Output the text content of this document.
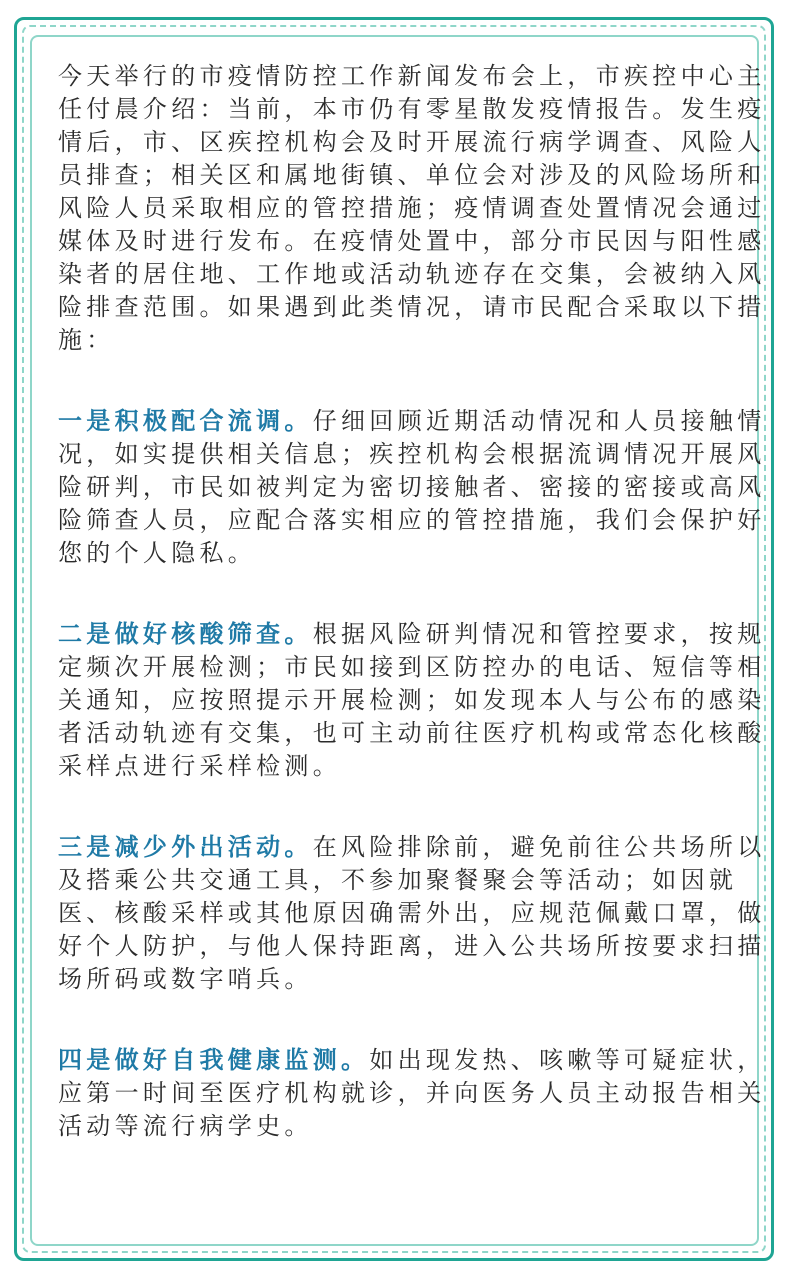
今天举行的市疫情防控工作新闻发布会上，市疾控中心主
任付晨介绍：当前，本市仍有零星散发疫情报告。发生疫
情后，市、区疾控机构会及时开展流行病学调查、风险人
员排查；相关区和属地街镇、单位会对涉及的风险场所和
风险人员采取相应的管控措施；疫情调查处置情况会通过
媒体及时进行发布。在疫情处置中，部分市民因与阳性感
染者的居住地、工作地或活动轨迹存在交集，会被纳入风
险排查范围。如果遇到此类情况，请市民配合采取以下措
施：

一是积极配合流调。仔细回顾近期活动情况和人员接触情
况，如实提供相关信息；疾控机构会根据流调情况开展风
险研判，市民如被判定为密切接触者、密接的密接或高风
险筛查人员，应配合落实相应的管控措施，我们会保护好
您的个人隐私。

二是做好核酸筛查。根据风险研判情况和管控要求，按规
定频次开展检测；市民如接到区防控办的电话、短信等相
关通知，应按照提示开展检测；如发现本人与公布的感染
者活动轨迹有交集，也可主动前往医疗机构或常态化核酸
采样点进行采样检测。

三是减少外出活动。在风险排除前，避免前往公共场所以
及搭乘公共交通工具，不参加聚餐聚会等活动；如因就
医、核酸采样或其他原因确需外出，应规范佩戴口罩，做
好个人防护，与他人保持距离，进入公共场所按要求扫描
场所码或数字哨兵。

四是做好自我健康监测。如出现发热、咳嗽等可疑症状，
应第一时间至医疗机构就诊，并向医务人员主动报告相关
活动等流行病学史。
